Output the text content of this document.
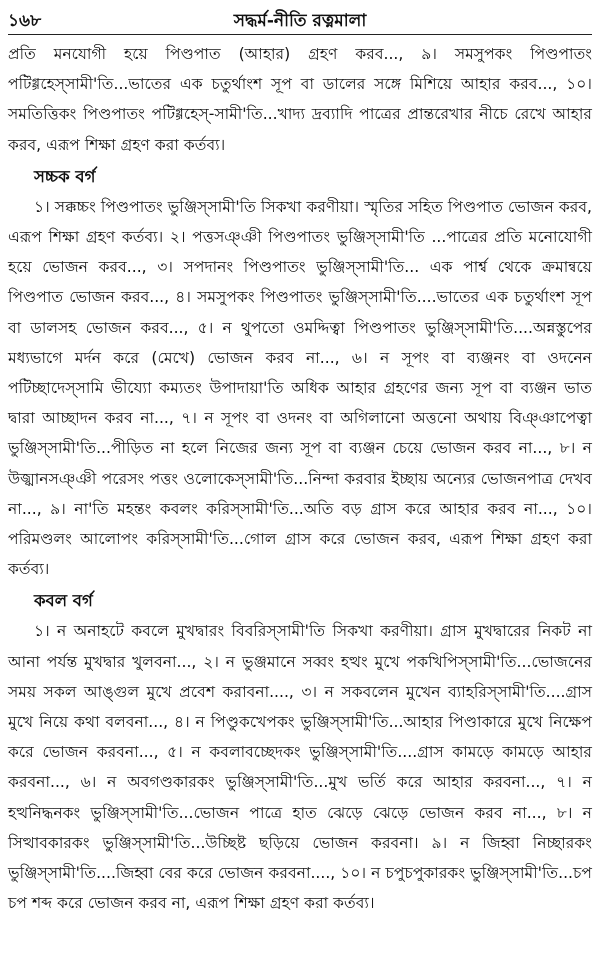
১৬৮	সদ্ধর্ম-নীতি রত্নমালা

প্রতি মনযোগী হয়ে পিণ্ডপাত (আহার) গ্রহণ করব..., ৯। সমসুপকং পিণ্ডপাতং পটিগ্গহেস্সামী'তি...ভাতের এক চতুর্থাংশ সূপ বা ডালের সঙ্গে মিশিয়ে আহার করব..., ১০। সমতিত্তিকং পিণ্ডপাতং পটিগ্গহেস্-সামী'তি...খাদ্য দ্রব্যাদি পাত্রের প্রান্তরেখার নীচে রেখে আহার করব, এরূপ শিক্ষা গ্রহণ করা কর্তব্য।

সচ্চক বর্গ

১। সক্কচ্চং পিণ্ডপাতং ভুঞ্জিস্সামী'তি সিকখা করণীয়া। স্মৃতির সহিত পিণ্ডপাত ভোজন করব, এরূপ শিক্ষা গ্রহণ কর্তব্য। ২। পত্তসঞ্ঞী পিণ্ডপাতং ভুঞ্জিস্সামী'তি ...পাত্রের প্রতি মনোযোগী হয়ে ভোজন করব..., ৩। সপদানং পিণ্ডপাতং ভুঞ্জিস্সামী'তি... এক পার্শ্ব থেকে ক্রমান্বয়ে পিণ্ডপাত ভোজন করব..., ৪। সমসুপকং পিণ্ডপাতং ভুঞ্জিস্সামী'তি....ভাতের এক চতুর্থাংশ সূপ বা ডালসহ ভোজন করব..., ৫। ন থুপতো ওমদ্দিত্বা পিণ্ডপাতং ভুঞ্জিস্সামী'তি....অন্নস্তুপের মধ্যভাগে মর্দন করে (মেখে) ভোজন করব না..., ৬। ন সূপং বা ব্যঞ্জনং বা ওদনেন পটিচ্ছাদেস্সামি ভীয্যো কম্যতং উপাদায়া'তি অধিক আহার গ্রহণের জন্য সূপ বা ব্যঞ্জন ভাত দ্বারা আচ্ছাদন করব না..., ৭। ন সূপং বা ওদনং বা অগিলানো অত্তনো অথায় বিঞ্ঞাপেত্বা ভুঞ্জিস্সামী'তি...পীড়িত না হলে নিজের জন্য সূপ বা ব্যঞ্জন চেয়ে ভোজন করব না..., ৮। ন উজ্ঝানসঞ্ঞী পরেসং পত্তং ওলোকেস্সামী'তি...নিন্দা করবার ইচ্ছায় অন্যের ভোজনপাত্র দেখব না..., ৯। না'তি মহন্তং কবলং করিস্সামী'তি...অতি বড় গ্রাস করে আহার করব না..., ১০। পরিমণ্ডলং আলোপং করিস্সামী'তি...গোল গ্রাস করে ভোজন করব, এরূপ শিক্ষা গ্রহণ করা কর্তব্য।

কবল বর্গ

১। ন অনাহটে কবলে মুখদ্বারং বিবরিস্সামী'তি সিকখা করণীয়া। গ্রাস মুখদ্বারের নিকট না আনা পর্যন্ত মুখদ্বার খুলবনা..., ২। ন ভুঞ্জমানে সব্বং হত্থং মুখে পকখিপিস্সামী'তি...ভোজনের সময় সকল আঙ্গুল মুখে প্রবেশ করাবনা...., ৩। ন সকবলেন মুখেন ব্যাহরিস্সামী'তি....গ্রাস মুখে নিয়ে কথা বলবনা..., ৪। ন পিণ্ডুকখেপকং ভুঞ্জিস্সামী'তি...আহার পিণ্ডাকারে মুখে নিক্ষেপ করে ভোজন করবনা..., ৫। ন কবলাবচ্ছেদকং ভুঞ্জিস্সামী'তি....গ্রাস কামড়ে কামড়ে আহার করবনা..., ৬। ন অবগণ্ডকারকং ভুঞ্জিস্সামী'তি...মুখ ভর্তি করে আহার করবনা..., ৭। ন হত্থনিদ্ধনকং ভুঞ্জিস্সামী'তি...ভোজন পাত্রে হাত ঝেড়ে ঝেড়ে ভোজন করব না..., ৮। ন সিত্থাবকারকং ভুঞ্জিস্সামী'তি...উচ্ছিষ্ট ছড়িয়ে ভোজন করবনা। ৯। ন জিহ্বা নিচ্ছারকং ভুঞ্জিস্সামী'তি....জিহ্বা বের করে ভোজন করবনা...., ১০। ন চপুচপুকারকং ভুঞ্জিস্সামী'তি...চপ চপ শব্দ করে ভোজন করব না, এরূপ শিক্ষা গ্রহণ করা কর্তব্য।
